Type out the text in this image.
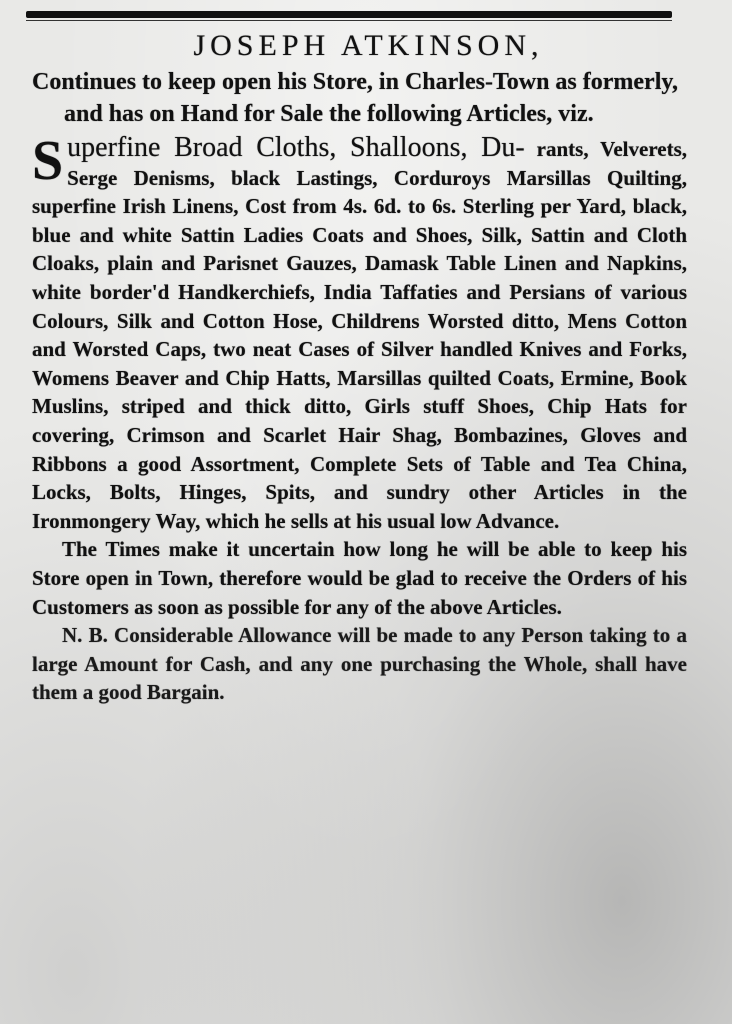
JOSEPH ATKINSON,

Continues to keep open his Store, in Charles-Town as formerly, and has on Hand for Sale the following Articles, viz.

Superfine Broad Cloths, Shalloons, Du- rants, Velverets, Serge Denisms, black Lastings, Corduroys Marsillas Quilting, superfine Irish Linens, Cost from 4s. 6d. to 6s. Sterling per Yard, black, blue and white Sattin Ladies Coats and Shoes, Silk, Sattin and Cloth Cloaks, plain and Parisnet Gauzes, Damask Table Linen and Napkins, white border'd Handkerchiefs, India Taffaties and Persians of various Colours, Silk and Cotton Hose, Childrens Worsted ditto, Mens Cotton and Worsted Caps, two neat Cases of Silver handled Knives and Forks, Womens Beaver and Chip Hatts, Marsillas quilted Coats, Ermine, Book Muslins, striped and thick ditto, Girls stuff Shoes, Chip Hats for covering, Crimson and Scarlet Hair Shag, Bombazines, Gloves and Ribbons a good Assortment, Complete Sets of Table and Tea China, Locks, Bolts, Hinges, Spits, and sundry other Articles in the Ironmongery Way, which he sells at his usual low Advance.

The Times make it uncertain how long he will be able to keep his Store open in Town, therefore would be glad to receive the Orders of his Customers as soon as possible for any of the above Articles.

N. B. Considerable Allowance will be made to any Person taking to a large Amount for Cash, and any one purchasing the Whole, shall have them a good Bargain.
